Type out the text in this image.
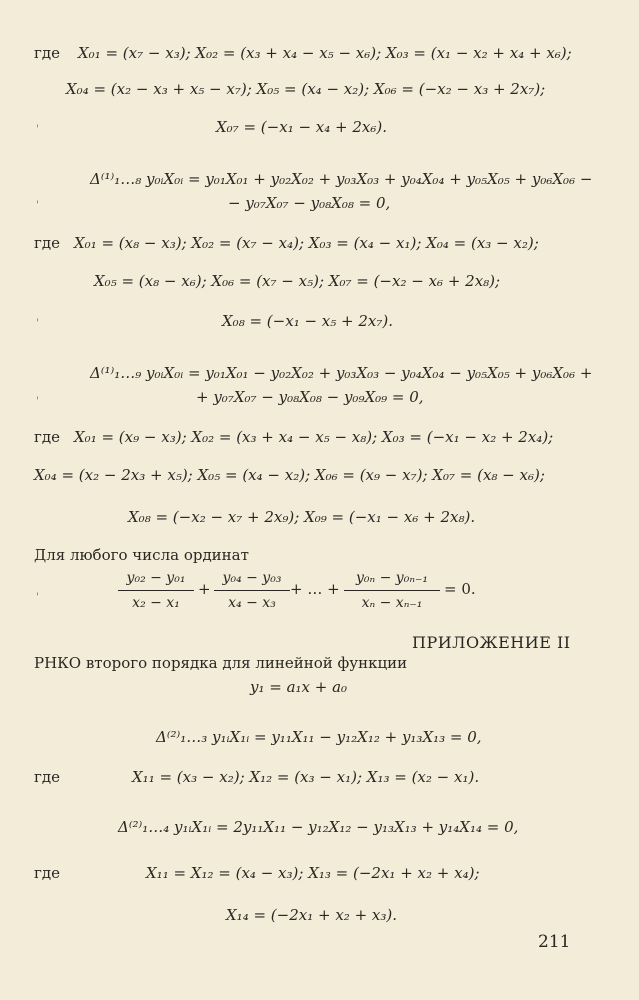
где X₀₁ = (x₇ − x₃); X₀₂ = (x₃ + x₄ − x₅ − x₆); X₀₃ = (x₁ − x₂ + x₄ + x₆);
X₀₄ = (x₂ − x₃ + x₅ − x₇); X₀₅ = (x₄ − x₂); X₀₆ = (−x₂ − x₃ + 2x₇);
X₀₇ = (−x₁ − x₄ + 2x₆).
Δ⁽¹⁾₁…₈ y₀ᵢX₀ᵢ = y₀₁X₀₁ + y₀₂X₀₂ + y₀₃X₀₃ + y₀₄X₀₄ + y₀₅X₀₅ + y₀₆X₀₆ −
− y₀₇X₀₇ − y₀₈X₀₈ = 0,
где X₀₁ = (x₈ − x₃); X₀₂ = (x₇ − x₄); X₀₃ = (x₄ − x₁); X₀₄ = (x₃ − x₂);
X₀₅ = (x₈ − x₆); X₀₆ = (x₇ − x₅); X₀₇ = (−x₂ − x₆ + 2x₈);
X₀₈ = (−x₁ − x₅ + 2x₇).
Δ⁽¹⁾₁…₉ y₀ᵢX₀ᵢ = y₀₁X₀₁ − y₀₂X₀₂ + y₀₃X₀₃ − y₀₄X₀₄ − y₀₅X₀₅ + y₀₆X₀₆ +
+ y₀₇X₀₇ − y₀₈X₀₈ − y₀₉X₀₉ = 0,
где X₀₁ = (x₉ − x₃); X₀₂ = (x₃ + x₄ − x₅ − x₈); X₀₃ = (−x₁ − x₂ + 2x₄);
X₀₄ = (x₂ − 2x₃ + x₅); X₀₅ = (x₄ − x₂); X₀₆ = (x₉ − x₇); X₀₇ = (x₈ − x₆);
X₀₈ = (−x₂ − x₇ + 2x₉); X₀₉ = (−x₁ − x₆ + 2x₈).
Для любого числа ординат
y₀₂ − y₀₁
x₂ − x₁
+
y₀₄ − y₀₃
x₄ − x₃
+ … +
y₀ₙ − y₀ₙ₋₁
xₙ − xₙ₋₁
= 0.
ПРИЛОЖЕНИЕ II
РНКО второго порядка для линейной функции
y₁ = a₁x + a₀
Δ⁽²⁾₁…₃ y₁ᵢX₁ᵢ = y₁₁X₁₁ − y₁₂X₁₂ + y₁₃X₁₃ = 0,
где	X₁₁ = (x₃ − x₂); X₁₂ = (x₃ − x₁); X₁₃ = (x₂ − x₁).
Δ⁽²⁾₁…₄ y₁ᵢX₁ᵢ = 2y₁₁X₁₁ − y₁₂X₁₂ − y₁₃X₁₃ + y₁₄X₁₄ = 0,
где	X₁₁ = X₁₂ = (x₄ − x₃); X₁₃ = (−2x₁ + x₂ + x₄);
X₁₄ = (−2x₁ + x₂ + x₃).
211
'
'
'
'
'
